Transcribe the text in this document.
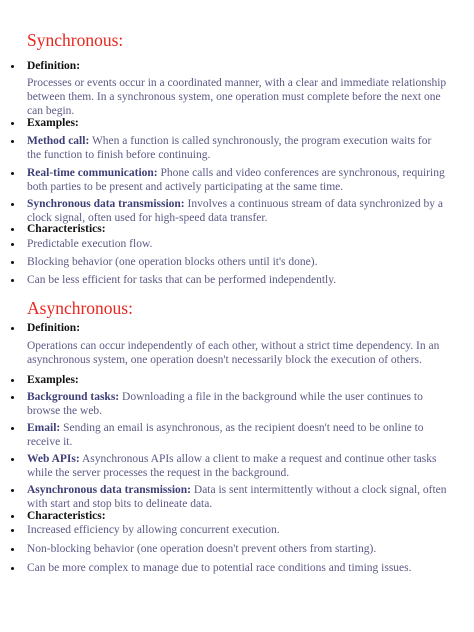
Synchronous:
Definition:
Processes or events occur in a coordinated manner, with a clear and immediate relationship between them. In a synchronous system, one operation must complete before the next one can begin.
Examples:
Method call: When a function is called synchronously, the program execution waits for the function to finish before continuing.
Real-time communication: Phone calls and video conferences are synchronous, requiring both parties to be present and actively participating at the same time.
Synchronous data transmission: Involves a continuous stream of data synchronized by a clock signal, often used for high-speed data transfer.
Characteristics:
Predictable execution flow.
Blocking behavior (one operation blocks others until it's done).
Can be less efficient for tasks that can be performed independently.
Asynchronous:
Definition:
Operations can occur independently of each other, without a strict time dependency. In an asynchronous system, one operation doesn't necessarily block the execution of others.
Examples:
Background tasks: Downloading a file in the background while the user continues to browse the web.
Email: Sending an email is asynchronous, as the recipient doesn't need to be online to receive it.
Web APIs: Asynchronous APIs allow a client to make a request and continue other tasks while the server processes the request in the background.
Asynchronous data transmission: Data is sent intermittently without a clock signal, often with start and stop bits to delineate data.
Characteristics:
Increased efficiency by allowing concurrent execution.
Non-blocking behavior (one operation doesn't prevent others from starting).
Can be more complex to manage due to potential race conditions and timing issues.
